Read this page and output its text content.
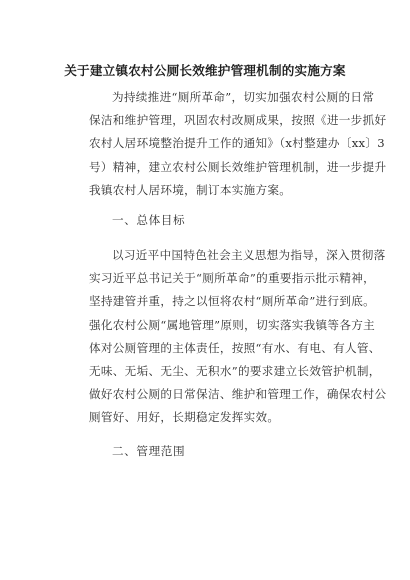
关于建立镇农村公厕长效维护管理机制的实施方案
为持续推进“厕所革命”，切实加强农村公厕的日常
保洁和维护管理，巩固农村改厕成果，按照《进一步抓好
农村人居环境整治提升工作的通知》（x村整建办〔xx〕3
号）精神，建立农村公厕长效维护管理机制，进一步提升
我镇农村人居环境，制订本实施方案。
一、总体目标
以习近平中国特色社会主义思想为指导，深入贯彻落
实习近平总书记关于“厕所革命”的重要指示批示精神，
坚持建管并重，持之以恒将农村“厕所革命”进行到底。
强化农村公厕“属地管理”原则，切实落实我镇等各方主
体对公厕管理的主体责任，按照“有水、有电、有人管、
无味、无垢、无尘、无积水”的要求建立长效管护机制，
做好农村公厕的日常保洁、维护和管理工作，确保农村公
厕管好、用好，长期稳定发挥实效。
二、管理范围
